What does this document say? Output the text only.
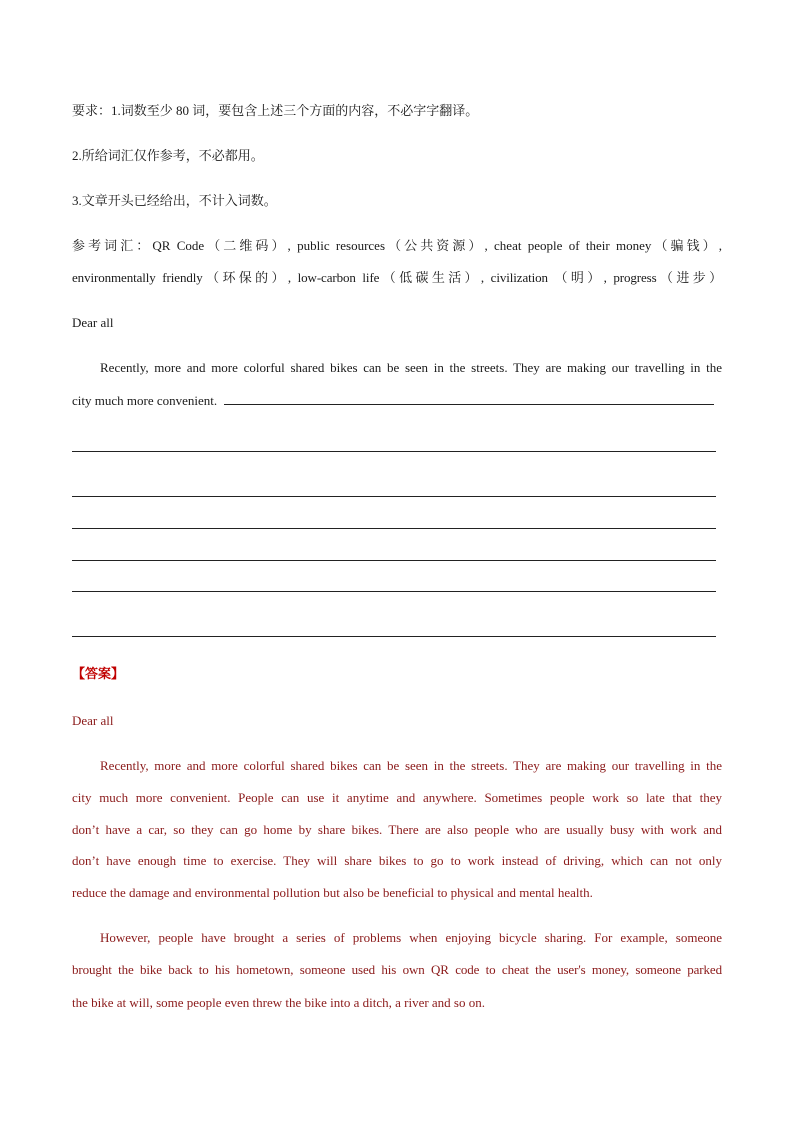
要求：1.词数至少 80 词，要包含上述三个方面的内容，不必字字翻译。
2.所给词汇仅作参考，不必都用。
3.文章开头已经给出，不计入词数。
参考词汇：QR Code（二维码）, public resources（公共资源）, cheat people of their money（骗钱）,
environmentally friendly（环保的）, low-carbon life（低碳生活）, civilization （明）, progress（进步）
Dear all
Recently, more and more colorful shared bikes can be seen in the streets. They are making our travelling in the
city much more convenient.
【答案】
Dear all
Recently, more and more colorful shared bikes can be seen in the streets. They are making our travelling in the
city much more convenient. People can use it anytime and anywhere. Sometimes people work so late that they
don’t have a car, so they can go home by share bikes. There are also people who are usually busy with work and
don’t have enough time to exercise. They will share bikes to go to work instead of driving, which can not only
reduce the damage and environmental pollution but also be beneficial to physical and mental health.
However, people have brought a series of problems when enjoying bicycle sharing. For example, someone
brought the bike back to his hometown, someone used his own QR code to cheat the user's money, someone parked
the bike at will, some people even threw the bike into a ditch, a river and so on.
